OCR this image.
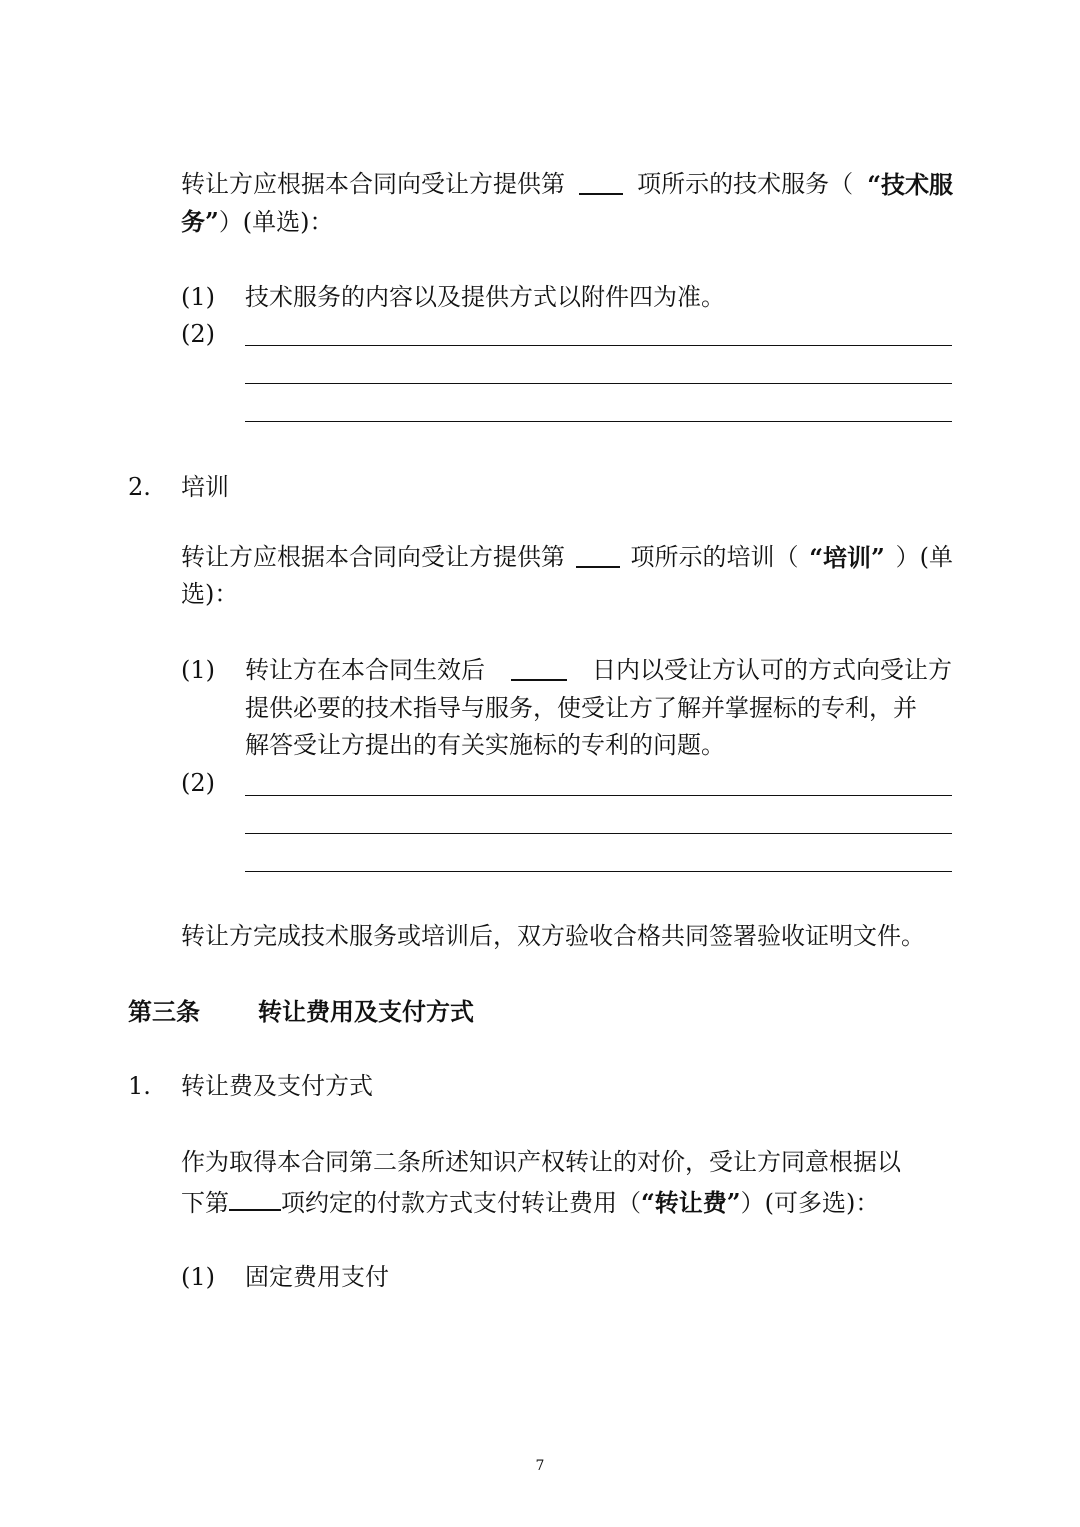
转让方应根据本合同向受让方提供第	项所示的技术服务（ “技术服
务”）(单选)：
(1) 技术服务的内容以及提供方式以附件四为准。
(2)
2. 培训
转让方应根据本合同向受让方提供第	项所示的培训（ “培训” ）(单
选)：
(1) 转让方在本合同生效后	日内以受让方认可的方式向受让方
提供必要的技术指导与服务，使受让方了解并掌握标的专利，并
解答受让方提出的有关实施标的专利的问题。
(2)
转让方完成技术服务或培训后，双方验收合格共同签署验收证明文件。
第三条 转让费用及支付方式
1. 转让费及支付方式
作为取得本合同第二条所述知识产权转让的对价，受让方同意根据以
下第 项约定的付款方式支付转让费用（“转让费”）(可多选)：
(1) 固定费用支付
7
